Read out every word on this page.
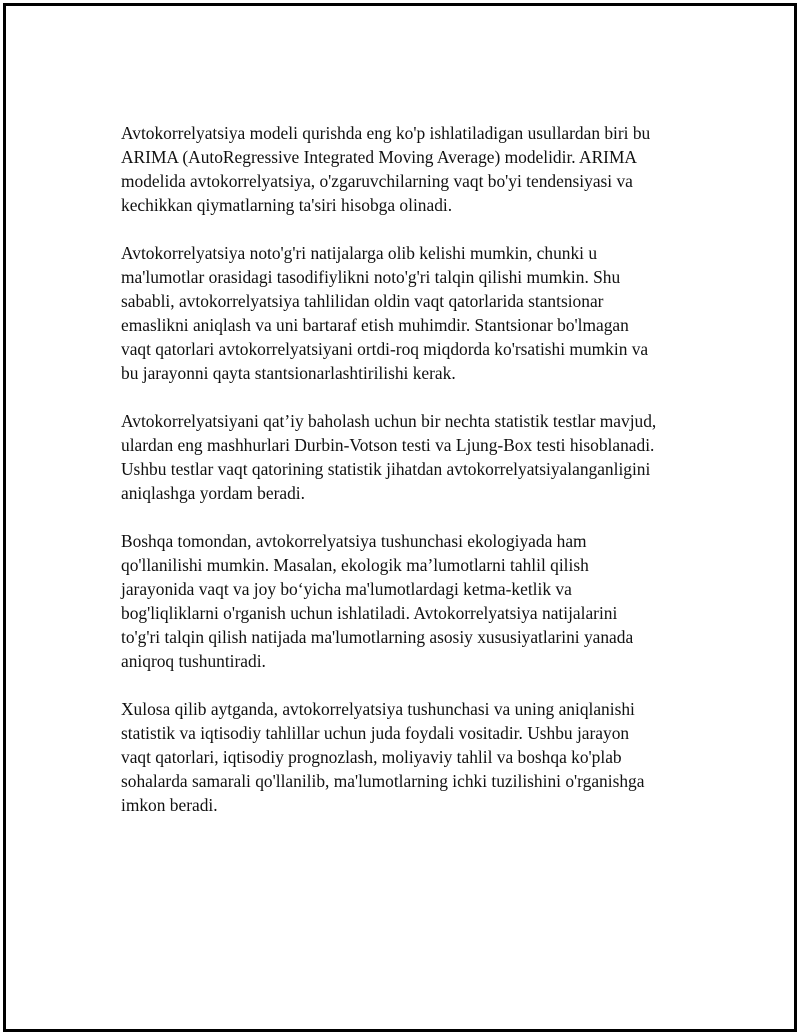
Avtokorrelyatsiya modeli qurishda eng ko'p ishlatiladigan usullardan biri bu
ARIMA (AutoRegressive Integrated Moving Average) modelidir. ARIMA
modelida avtokorrelyatsiya, o'zgaruvchilarning vaqt bo'yi tendensiyasi va
kechikkan qiymatlarning ta'siri hisobga olinadi.

Avtokorrelyatsiya noto'g'ri natijalarga olib kelishi mumkin, chunki u
ma'lumotlar orasidagi tasodifiylikni noto'g'ri talqin qilishi mumkin. Shu
sababli, avtokorrelyatsiya tahlilidan oldin vaqt qatorlarida stantsionar
emaslikni aniqlash va uni bartaraf etish muhimdir. Stantsionar bo'lmagan
vaqt qatorlari avtokorrelyatsiyani ortdi-roq miqdorda ko'rsatishi mumkin va
bu jarayonni qayta stantsionarlashtirilishi kerak.

Avtokorrelyatsiyani qat’iy baholash uchun bir nechta statistik testlar mavjud,
ulardan eng mashhurlari Durbin-Votson testi va Ljung-Box testi hisoblanadi.
Ushbu testlar vaqt qatorining statistik jihatdan avtokorrelyatsiyalanganligini
aniqlashga yordam beradi.

Boshqa tomondan, avtokorrelyatsiya tushunchasi ekologiyada ham
qo'llanilishi mumkin. Masalan, ekologik ma’lumotlarni tahlil qilish
jarayonida vaqt va joy bo‘yicha ma'lumotlardagi ketma-ketlik va
bog'liqliklarni o'rganish uchun ishlatiladi. Avtokorrelyatsiya natijalarini
to'g'ri talqin qilish natijada ma'lumotlarning asosiy xususiyatlarini yanada
aniqroq tushuntiradi.

Xulosa qilib aytganda, avtokorrelyatsiya tushunchasi va uning aniqlanishi
statistik va iqtisodiy tahlillar uchun juda foydali vositadir. Ushbu jarayon
vaqt qatorlari, iqtisodiy prognozlash, moliyaviy tahlil va boshqa ko'plab
sohalarda samarali qo'llanilib, ma'lumotlarning ichki tuzilishini o'rganishga
imkon beradi.
